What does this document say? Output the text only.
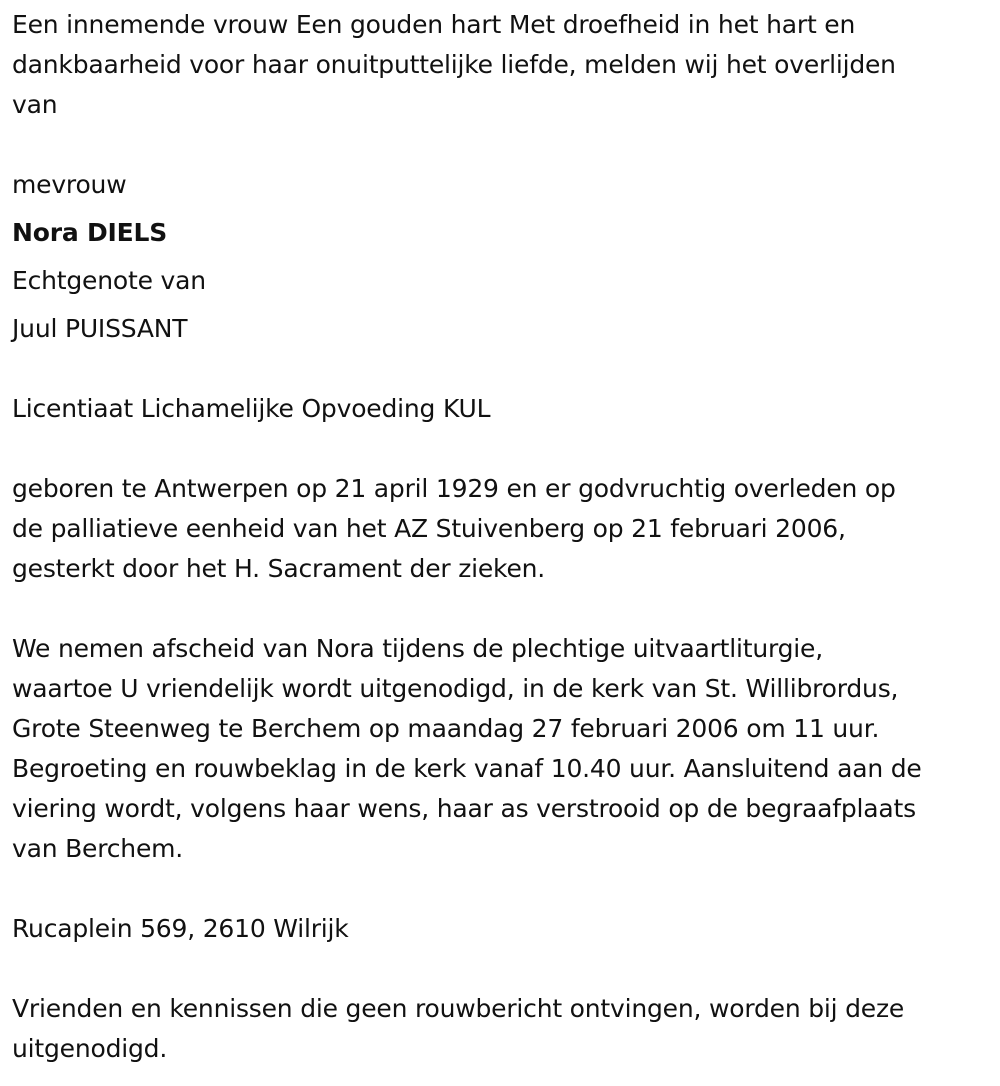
Een innemende vrouw Een gouden hart Met droefheid in het hart en
dankbaarheid voor haar onuitputtelijke liefde, melden wij het overlijden
van

mevrouw

Nora DIELS

Echtgenote van

Juul PUISSANT

Licentiaat Lichamelijke Opvoeding KUL

geboren te Antwerpen op 21 april 1929 en er godvruchtig overleden op
de palliatieve eenheid van het AZ Stuivenberg op 21 februari 2006,
gesterkt door het H. Sacrament der zieken.

We nemen afscheid van Nora tijdens de plechtige uitvaartliturgie,
waartoe U vriendelijk wordt uitgenodigd, in de kerk van St. Willibrordus,
Grote Steenweg te Berchem op maandag 27 februari 2006 om 11 uur.
Begroeting en rouwbeklag in de kerk vanaf 10.40 uur. Aansluitend aan de
viering wordt, volgens haar wens, haar as verstrooid op de begraafplaats
van Berchem.

Rucaplein 569, 2610 Wilrijk

Vrienden en kennissen die geen rouwbericht ontvingen, worden bij deze
uitgenodigd.
